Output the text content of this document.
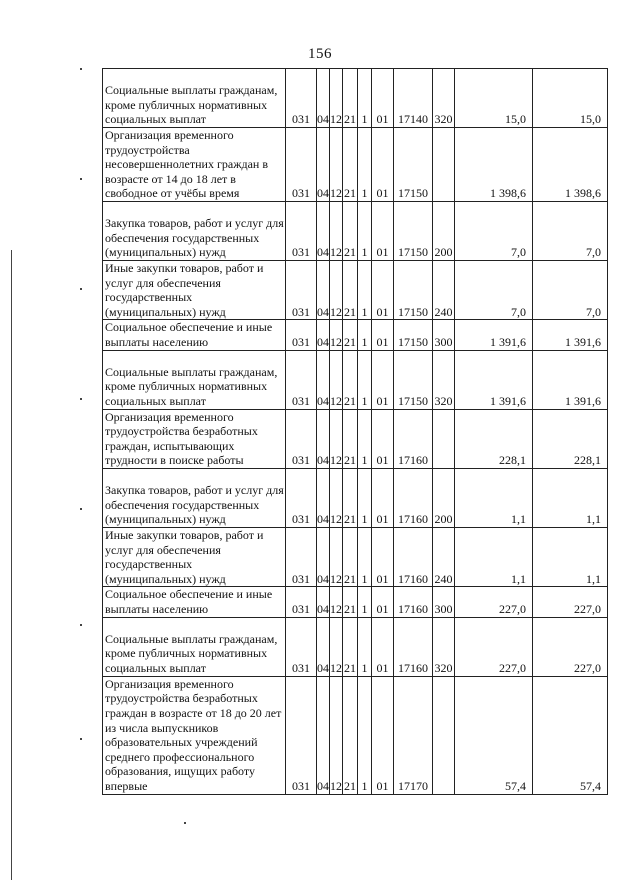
156
Социальные выплаты гражданам, кроме публичных нормативных социальных выплат	031	04	12	21	1	01	17140	320	15,0	15,0
Организация временного трудоустройства несовершеннолетних граждан в возрасте от 14 до 18 лет в свободное от учёбы время	031	04	12	21	1	01	17150		1 398,6	1 398,6
Закупка товаров, работ и услуг для обеспечения государственных (муниципальных) нужд	031	04	12	21	1	01	17150	200	7,0	7,0
Иные закупки товаров, работ и услуг для обеспечения государственных (муниципальных) нужд	031	04	12	21	1	01	17150	240	7,0	7,0
Социальное обеспечение и иные выплаты населению	031	04	12	21	1	01	17150	300	1 391,6	1 391,6
Социальные выплаты гражданам, кроме публичных нормативных социальных выплат	031	04	12	21	1	01	17150	320	1 391,6	1 391,6
Организация временного трудоустройства безработных граждан, испытывающих трудности в поиске работы	031	04	12	21	1	01	17160		228,1	228,1
Закупка товаров, работ и услуг для обеспечения государственных (муниципальных) нужд	031	04	12	21	1	01	17160	200	1,1	1,1
Иные закупки товаров, работ и услуг для обеспечения государственных (муниципальных) нужд	031	04	12	21	1	01	17160	240	1,1	1,1
Социальное обеспечение и иные выплаты населению	031	04	12	21	1	01	17160	300	227,0	227,0
Социальные выплаты гражданам, кроме публичных нормативных социальных выплат	031	04	12	21	1	01	17160	320	227,0	227,0
Организация временного трудоустройства безработных граждан в возрасте от 18 до 20 лет из числа выпускников образовательных учреждений среднего профессионального образования, ищущих работу впервые	031	04	12	21	1	01	17170		57,4	57,4
